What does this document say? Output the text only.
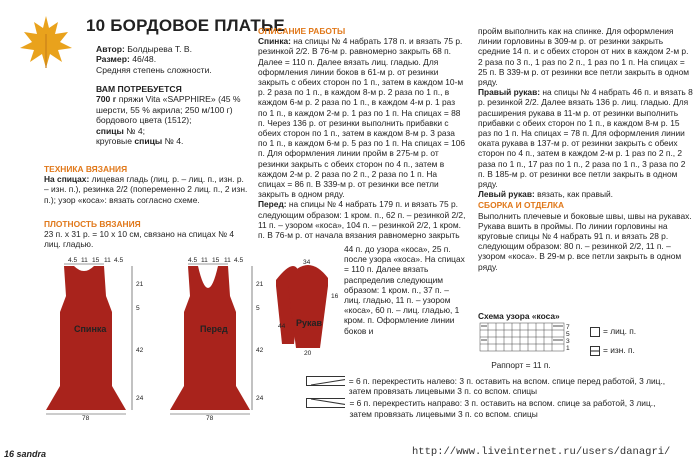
10 БОРДОВОЕ ПЛАТЬЕ
Автор: Болдырева Т. В.
Размер: 46/48.
Средняя степень сложности.
ВАМ ПОТРЕБУЕТСЯ
700 г пряжи Vita «SAPPHIRE» (45 % шерсти, 55 % акрила; 250 м/100 г) бордового цвета (1512);
спицы № 4;
круговые спицы № 4.
ТЕХНИКА ВЯЗАНИЯ
На спицах: лицевая гладь (лиц. р. – лиц. п., изн. р. – изн. п.), резинка 2/2 (попеременно 2 лиц. п., 2 изн. п.); узор «коса»: вязать согласно схеме.
ПЛОТНОСТЬ ВЯЗАНИЯ
23 п. x 31 р. = 10 x 10 см, связано на спицах № 4 лиц. гладью.
Спинка	Перед
4.5 11 15 11 4.5	4.5 11 15 11 4.5
21
5
42
24
21
5
42
24
78	78
Рукав
34
16
44
20
ОПИСАНИЕ РАБОТЫ
Спинка: на спицы № 4 набрать 178 п. и вязать 75 р. резинкой 2/2. В 76-м р. равномерно закрыть 68 п. Далее = 110 п. Далее вязать лиц. гладью. Для оформления линии боков в 61-м р. от резинки закрыть с обеих сторон по 1 п., затем в каждом 10-м р. 2 раза по 1 п., в каждом 8-м р. 2 раза по 1 п., в каждом 6-м р. 2 раза по 1 п., в каждом 4-м р. 1 раз по 1 п., в каждом 2-м р. 1 раз по 1 п. На спицах = 88 п. Через 136 р. от резинки выполнить прибавки с обеих сторон по 1 п., затем в каждом 8-м р. 3 раза по 1 п., в каждом 6-м р. 5 раз по 1 п. На спицах = 106 п. Для оформления линии пройм в 275-м р. от резинки закрыть с обеих сторон по 4 п., затем в каждом 2-м р. 2 раза по 2 п., 2 раза по 1 п. На спицах = 86 п. В 339-м р. от резинки все петли закрыть в одном ряду.
Перед: на спицы № 4 набрать 179 п. и вязать 75 р. следующим образом: 1 кром. п., 62 п. – резинкой 2/2, 11 п. – узором «коса», 104 п. – резинкой 2/2, 1 кром. п. В 76-м р. от начала вязания равномерно закрыть
44 п. до узора «коса», 25 п. после узора «коса». На спицах = 110 п. Далее вязать распределив следующим образом: 1 кром. п., 37 п. – лиц. гладью, 11 п. – узором «коса», 60 п. – лиц. гладью, 1 кром. п. Оформление линии боков и
пройм выполнить как на спинке. Для оформления линии горловины в 309-м р. от резинки закрыть средние 14 п. и с обеих сторон от них в каждом 2-м р. 2 раза по 3 п., 1 раз по 2 п., 1 раз по 1 п. На спицах = 25 п. В 339-м р. от резинки все петли закрыть в одном ряду.
Правый рукав: на спицы № 4 набрать 46 п. и вязать 8 р. резинкой 2/2. Далее вязать 136 р. лиц. гладью. Для расширения рукава в 11-м р. от резинки выполнить прибавки с обеих сторон по 1 п., в каждом 8-м р. 15 раз по 1 п. На спицах = 78 п. Для оформления линии оката рукава в 137-м р. от резинки закрыть с обеих сторон по 4 п., затем в каждом 2-м р. 1 раз по 2 п., 2 раза по 1 п., 17 раз по 1 п., 2 раза по 1 п., 3 раза по 2 п. В 185-м р. от резинки все петли закрыть в одном ряду.
Левый рукав: вязать, как правый.
СБОРКА И ОТДЕЛКА
Выполнить плечевые и боковые швы, швы на рукавах. Рукава вшить в проймы. По линии горловины на круговые спицы № 4 набрать 91 п. и вязать 28 р. следующим образом: 80 п. – резинкой 2/2, 11 п. – узором «коса». В 29-м р. все петли закрыть в одном ряду.
Схема узора «коса»
7
5
3
1
Раппорт = 11 п.
= лиц. п.
= изн. п.
= 6 п. перекрестить налево: 3 п. оставить на вспом. спице перед работой, 3 лиц., затем провязать лицевыми 3 п. со вспом. спицы
= 6 п. перекрестить направо: 3 п. оставить на вспом. спице за работой, 3 лиц., затем провязать лицевыми 3 п. со вспом. спицы
16 sandra	http://www.liveinternet.ru/users/danagri/
